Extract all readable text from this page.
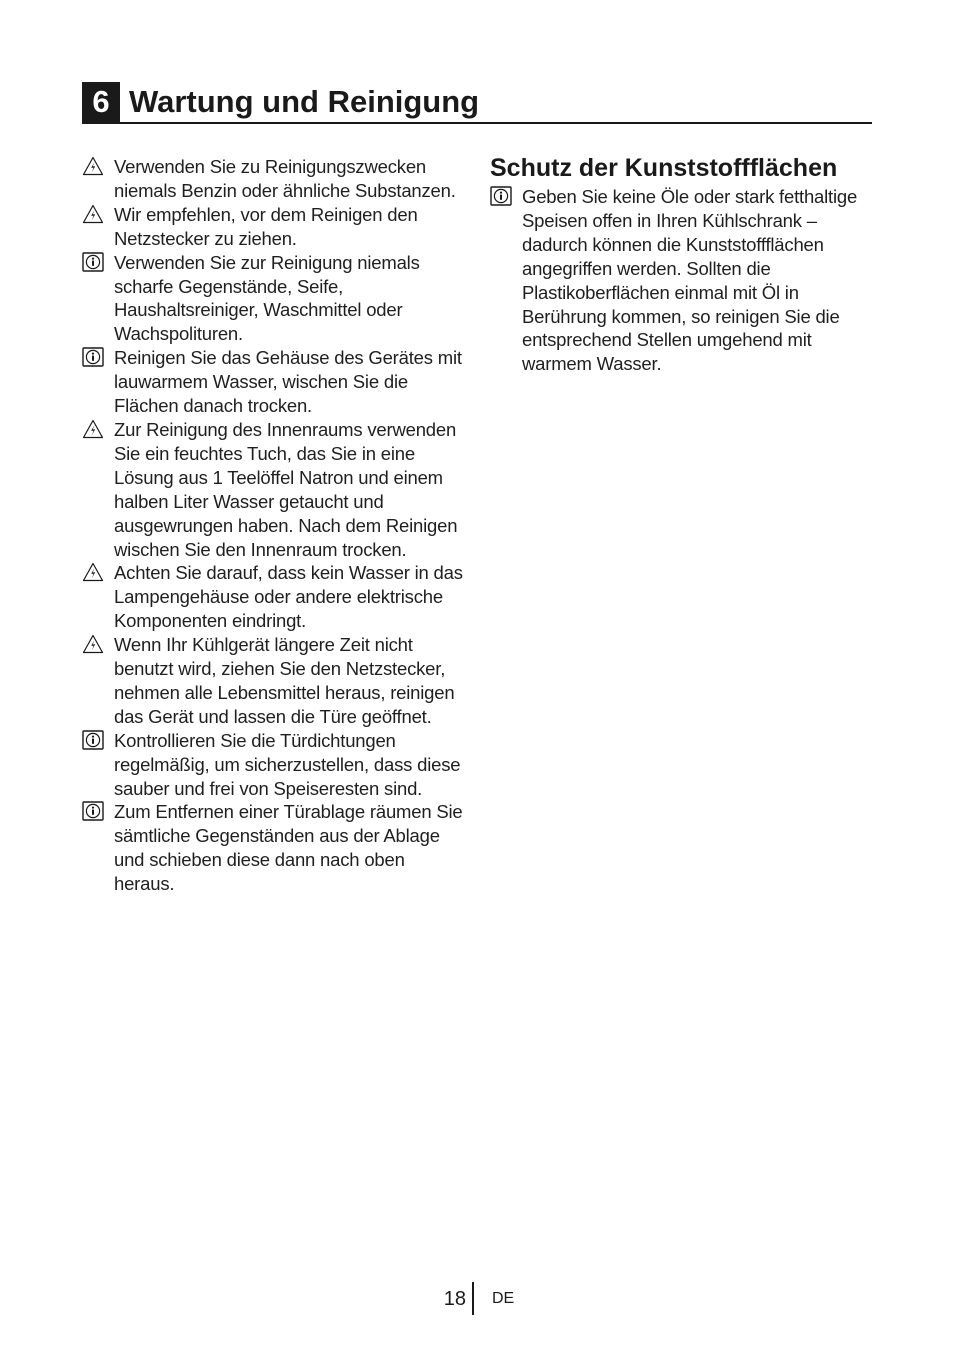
6 Wartung und Reinigung
Verwenden Sie zu Reinigungszwecken niemals Benzin oder ähnliche Substanzen.
Wir empfehlen, vor dem Reinigen den Netzstecker zu ziehen.
Verwenden Sie zur Reinigung niemals scharfe Gegenstände, Seife, Haushaltsreiniger, Waschmittel oder Wachspolituren.
Reinigen Sie das Gehäuse des Gerätes mit lauwarmem Wasser, wischen Sie die Flächen danach trocken.
Zur Reinigung des Innenraums verwenden Sie ein feuchtes Tuch, das Sie in eine Lösung aus 1 Teelöffel Natron und einem halben Liter Wasser getaucht und ausgewrungen haben. Nach dem Reinigen wischen Sie den Innenraum trocken.
Achten Sie darauf, dass kein Wasser in das Lampengehäuse oder andere elektrische Komponenten eindringt.
Wenn Ihr Kühlgerät längere Zeit nicht benutzt wird, ziehen Sie den Netzstecker, nehmen alle Lebensmittel heraus, reinigen das Gerät und lassen die Türe geöffnet.
Kontrollieren Sie die Türdichtungen regelmäßig, um sicherzustellen, dass diese sauber und frei von Speiseresten sind.
Zum Entfernen einer Türablage räumen Sie sämtliche Gegenständen aus der Ablage und schieben diese dann nach oben heraus.
Schutz der Kunststoffflächen
Geben Sie keine Öle oder stark fetthaltige Speisen offen in Ihren Kühlschrank – dadurch können die Kunststoffflächen angegriffen werden. Sollten die Plastikoberflächen einmal mit Öl in Berührung kommen, so reinigen Sie die entsprechend Stellen umgehend mit warmem Wasser.
18 DE
